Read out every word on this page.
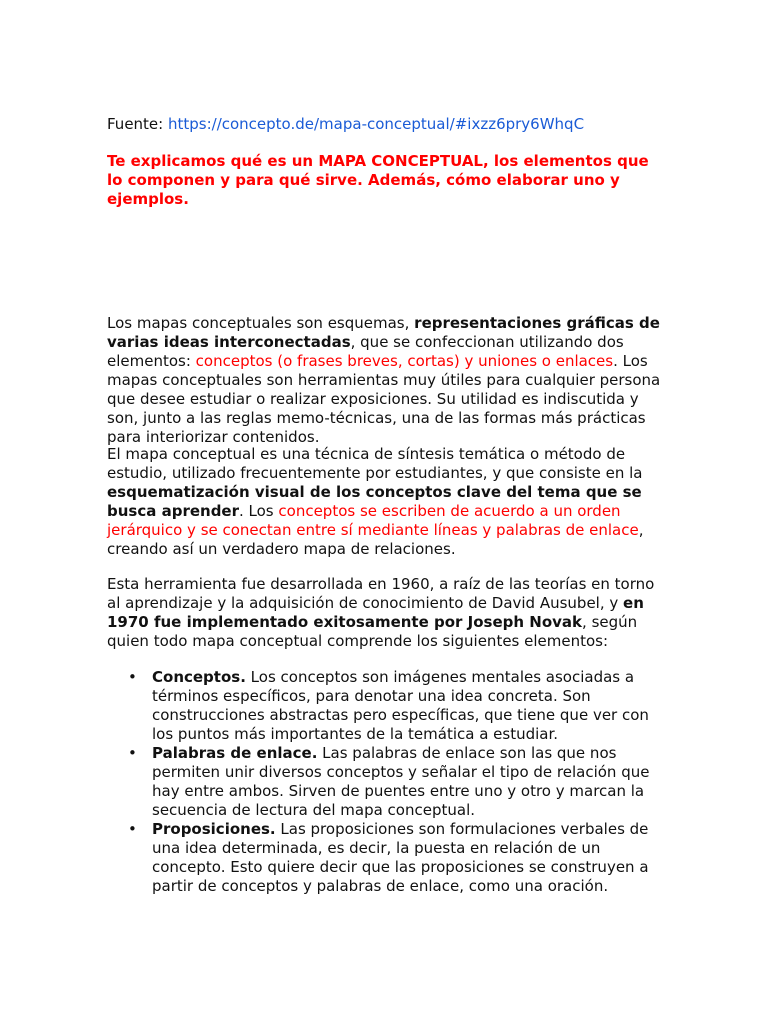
Fuente: https://concepto.de/mapa-conceptual/#ixzz6pry6WhqC

Te explicamos qué es un MAPA CONCEPTUAL, los elementos que lo componen y para qué sirve. Además, cómo elaborar uno y ejemplos.

Los mapas conceptuales son esquemas, representaciones gráficas de varias ideas interconectadas, que se confeccionan utilizando dos elementos: conceptos (o frases breves, cortas) y uniones o enlaces. Los mapas conceptuales son herramientas muy útiles para cualquier persona que desee estudiar o realizar exposiciones. Su utilidad es indiscutida y son, junto a las reglas memo-técnicas, una de las formas más prácticas para interiorizar contenidos.

El mapa conceptual es una técnica de síntesis temática o método de estudio, utilizado frecuentemente por estudiantes, y que consiste en la esquematización visual de los conceptos clave del tema que se busca aprender. Los conceptos se escriben de acuerdo a un orden jerárquico y se conectan entre sí mediante líneas y palabras de enlace, creando así un verdadero mapa de relaciones.

Esta herramienta fue desarrollada en 1960, a raíz de las teorías en torno al aprendizaje y la adquisición de conocimiento de David Ausubel, y en 1970 fue implementado exitosamente por Joseph Novak, según quien todo mapa conceptual comprende los siguientes elementos:

• Conceptos. Los conceptos son imágenes mentales asociadas a términos específicos, para denotar una idea concreta. Son construcciones abstractas pero específicas, que tiene que ver con los puntos más importantes de la temática a estudiar.
• Palabras de enlace. Las palabras de enlace son las que nos permiten unir diversos conceptos y señalar el tipo de relación que hay entre ambos. Sirven de puentes entre uno y otro y marcan la secuencia de lectura del mapa conceptual.
• Proposiciones. Las proposiciones son formulaciones verbales de una idea determinada, es decir, la puesta en relación de un concepto. Esto quiere decir que las proposiciones se construyen a partir de conceptos y palabras de enlace, como una oración.
